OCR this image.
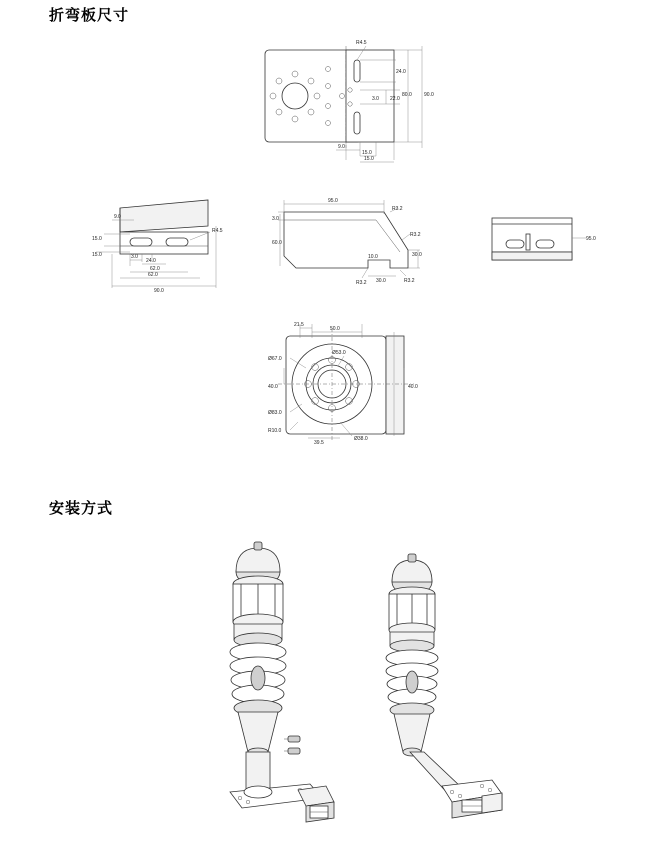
折弯板尺寸
R4.5
24.0
3.0 22.0
80.0 90.0
9.0
15.0
15.0
R4.5
15.0
15.0
9.0
3.0
24.0
62.0
62.0
90.0
95.0
R3.2
R3.2
3.0
60.0
10.0	30.0
R3.2 30.0	R3.2
95.0
21.5
50.0
Ø67.0
40.0
Ø83.0
R10.0
Ø53.0
40.0
39.5
Ø38.0
安装方式
